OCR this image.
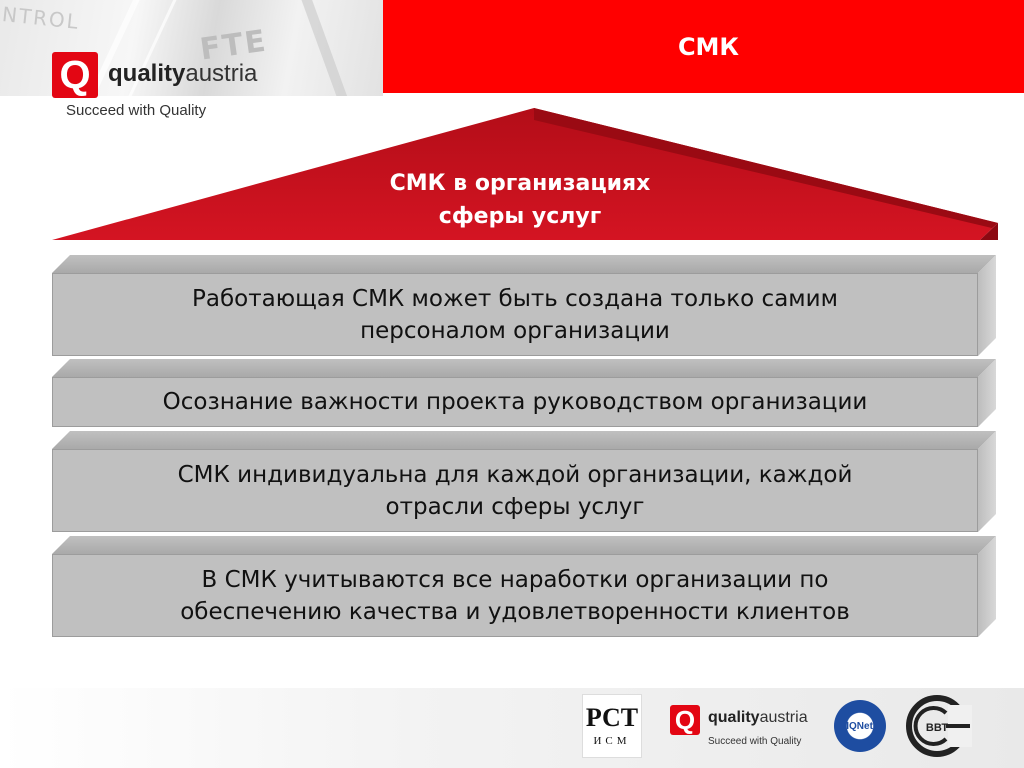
NTROL
FTE
Q qualityaustria
Succeed with Quality
СМК
СМК в организациях
сферы услуг
Работающая СМК может быть создана только самим
персоналом организации
Осознание важности проекта руководством организации
СМК индивидуальна для каждой организации, каждой
отрасли сферы услуг
В СМК учитываются все наработки организации по
обеспечению качества и удовлетворенности клиентов
РСТ
ИСМ
Q qualityaustria
Succeed with Quality
IQNet	ВВТ
